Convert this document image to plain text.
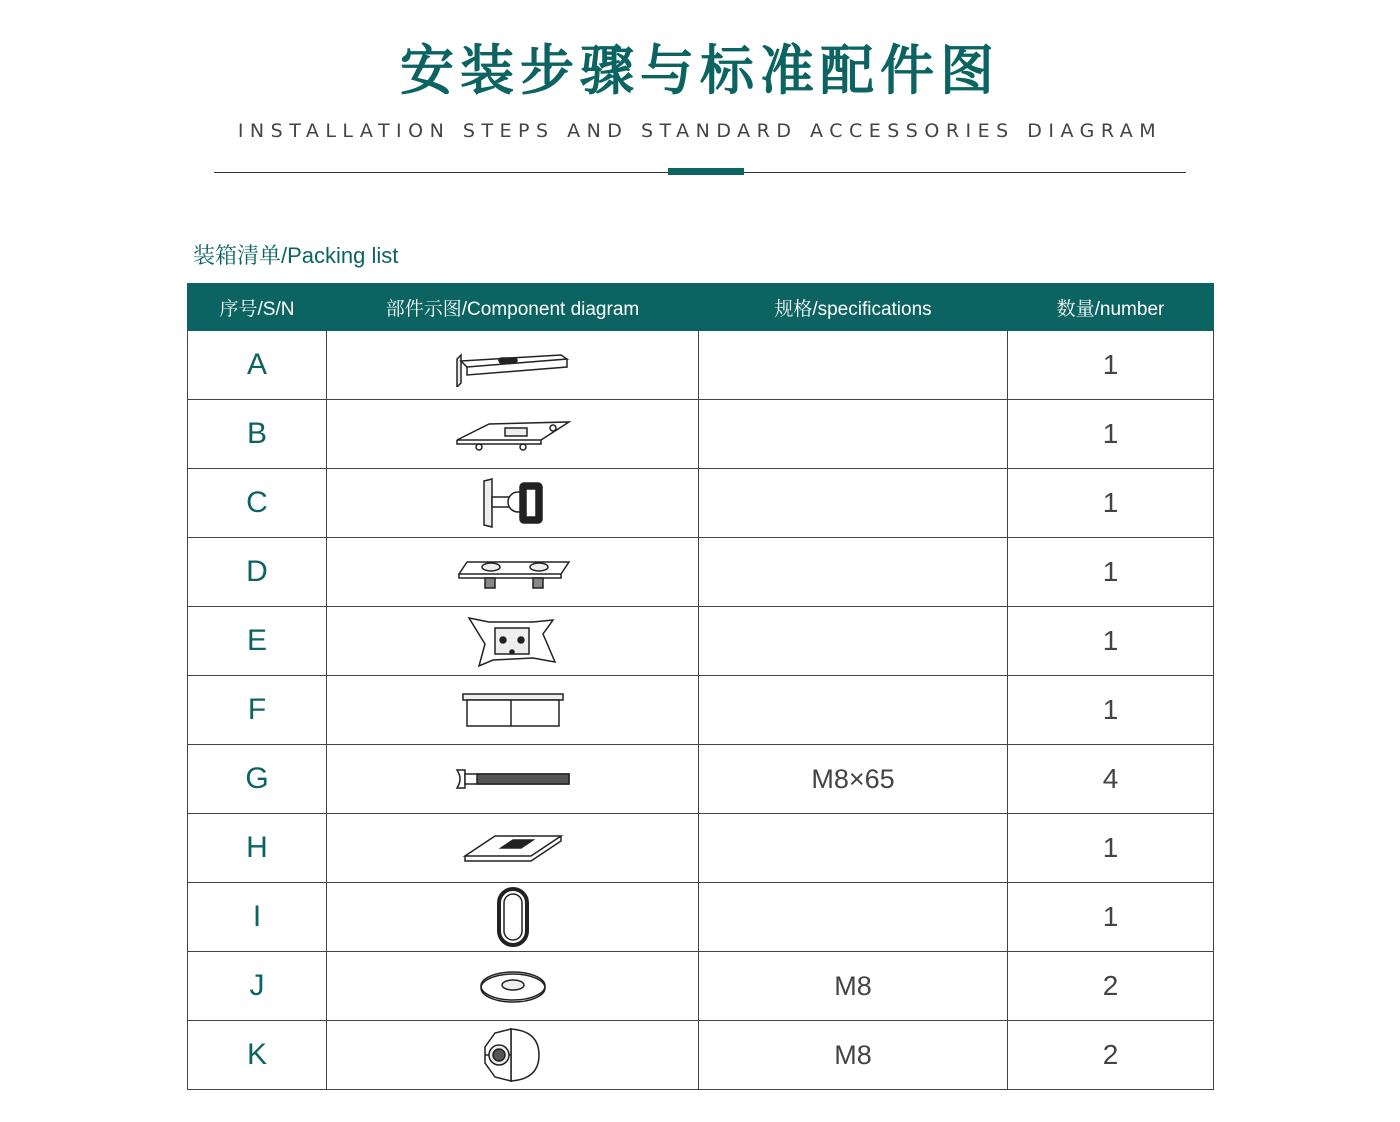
安装步骤与标准配件图
INSTALLATION STEPS AND STANDARD ACCESSORIES DIAGRAM
装箱清单/Packing list
序号/S/N	部件示图/Component diagram	规格/specifications	数量/number
A			1
B			1
C			1
D			1
E			1
F			1
G		M8×65	4
H			1
I			1
J		M8	2
K		M8	2
